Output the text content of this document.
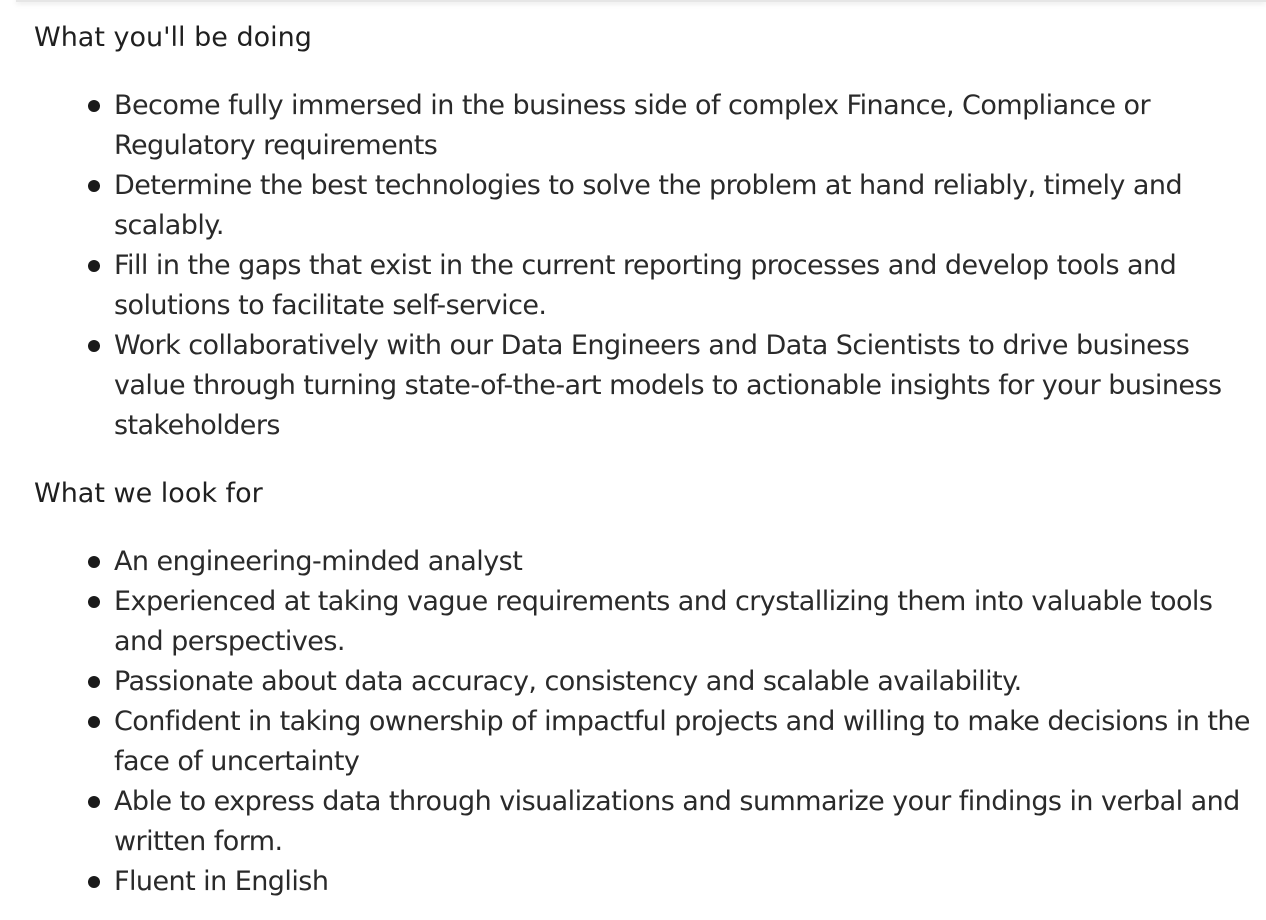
What you'll be doing
Become fully immersed in the business side of complex Finance, Compliance or Regulatory requirements
Determine the best technologies to solve the problem at hand reliably, timely and scalably.
Fill in the gaps that exist in the current reporting processes and develop tools and solutions to facilitate self-service.
Work collaboratively with our Data Engineers and Data Scientists to drive business value through turning state-of-the-art models to actionable insights for your business stakeholders
What we look for
An engineering-minded analyst
Experienced at taking vague requirements and crystallizing them into valuable tools and perspectives.
Passionate about data accuracy, consistency and scalable availability.
Confident in taking ownership of impactful projects and willing to make decisions in the face of uncertainty
Able to express data through visualizations and summarize your findings in verbal and written form.
Fluent in English
